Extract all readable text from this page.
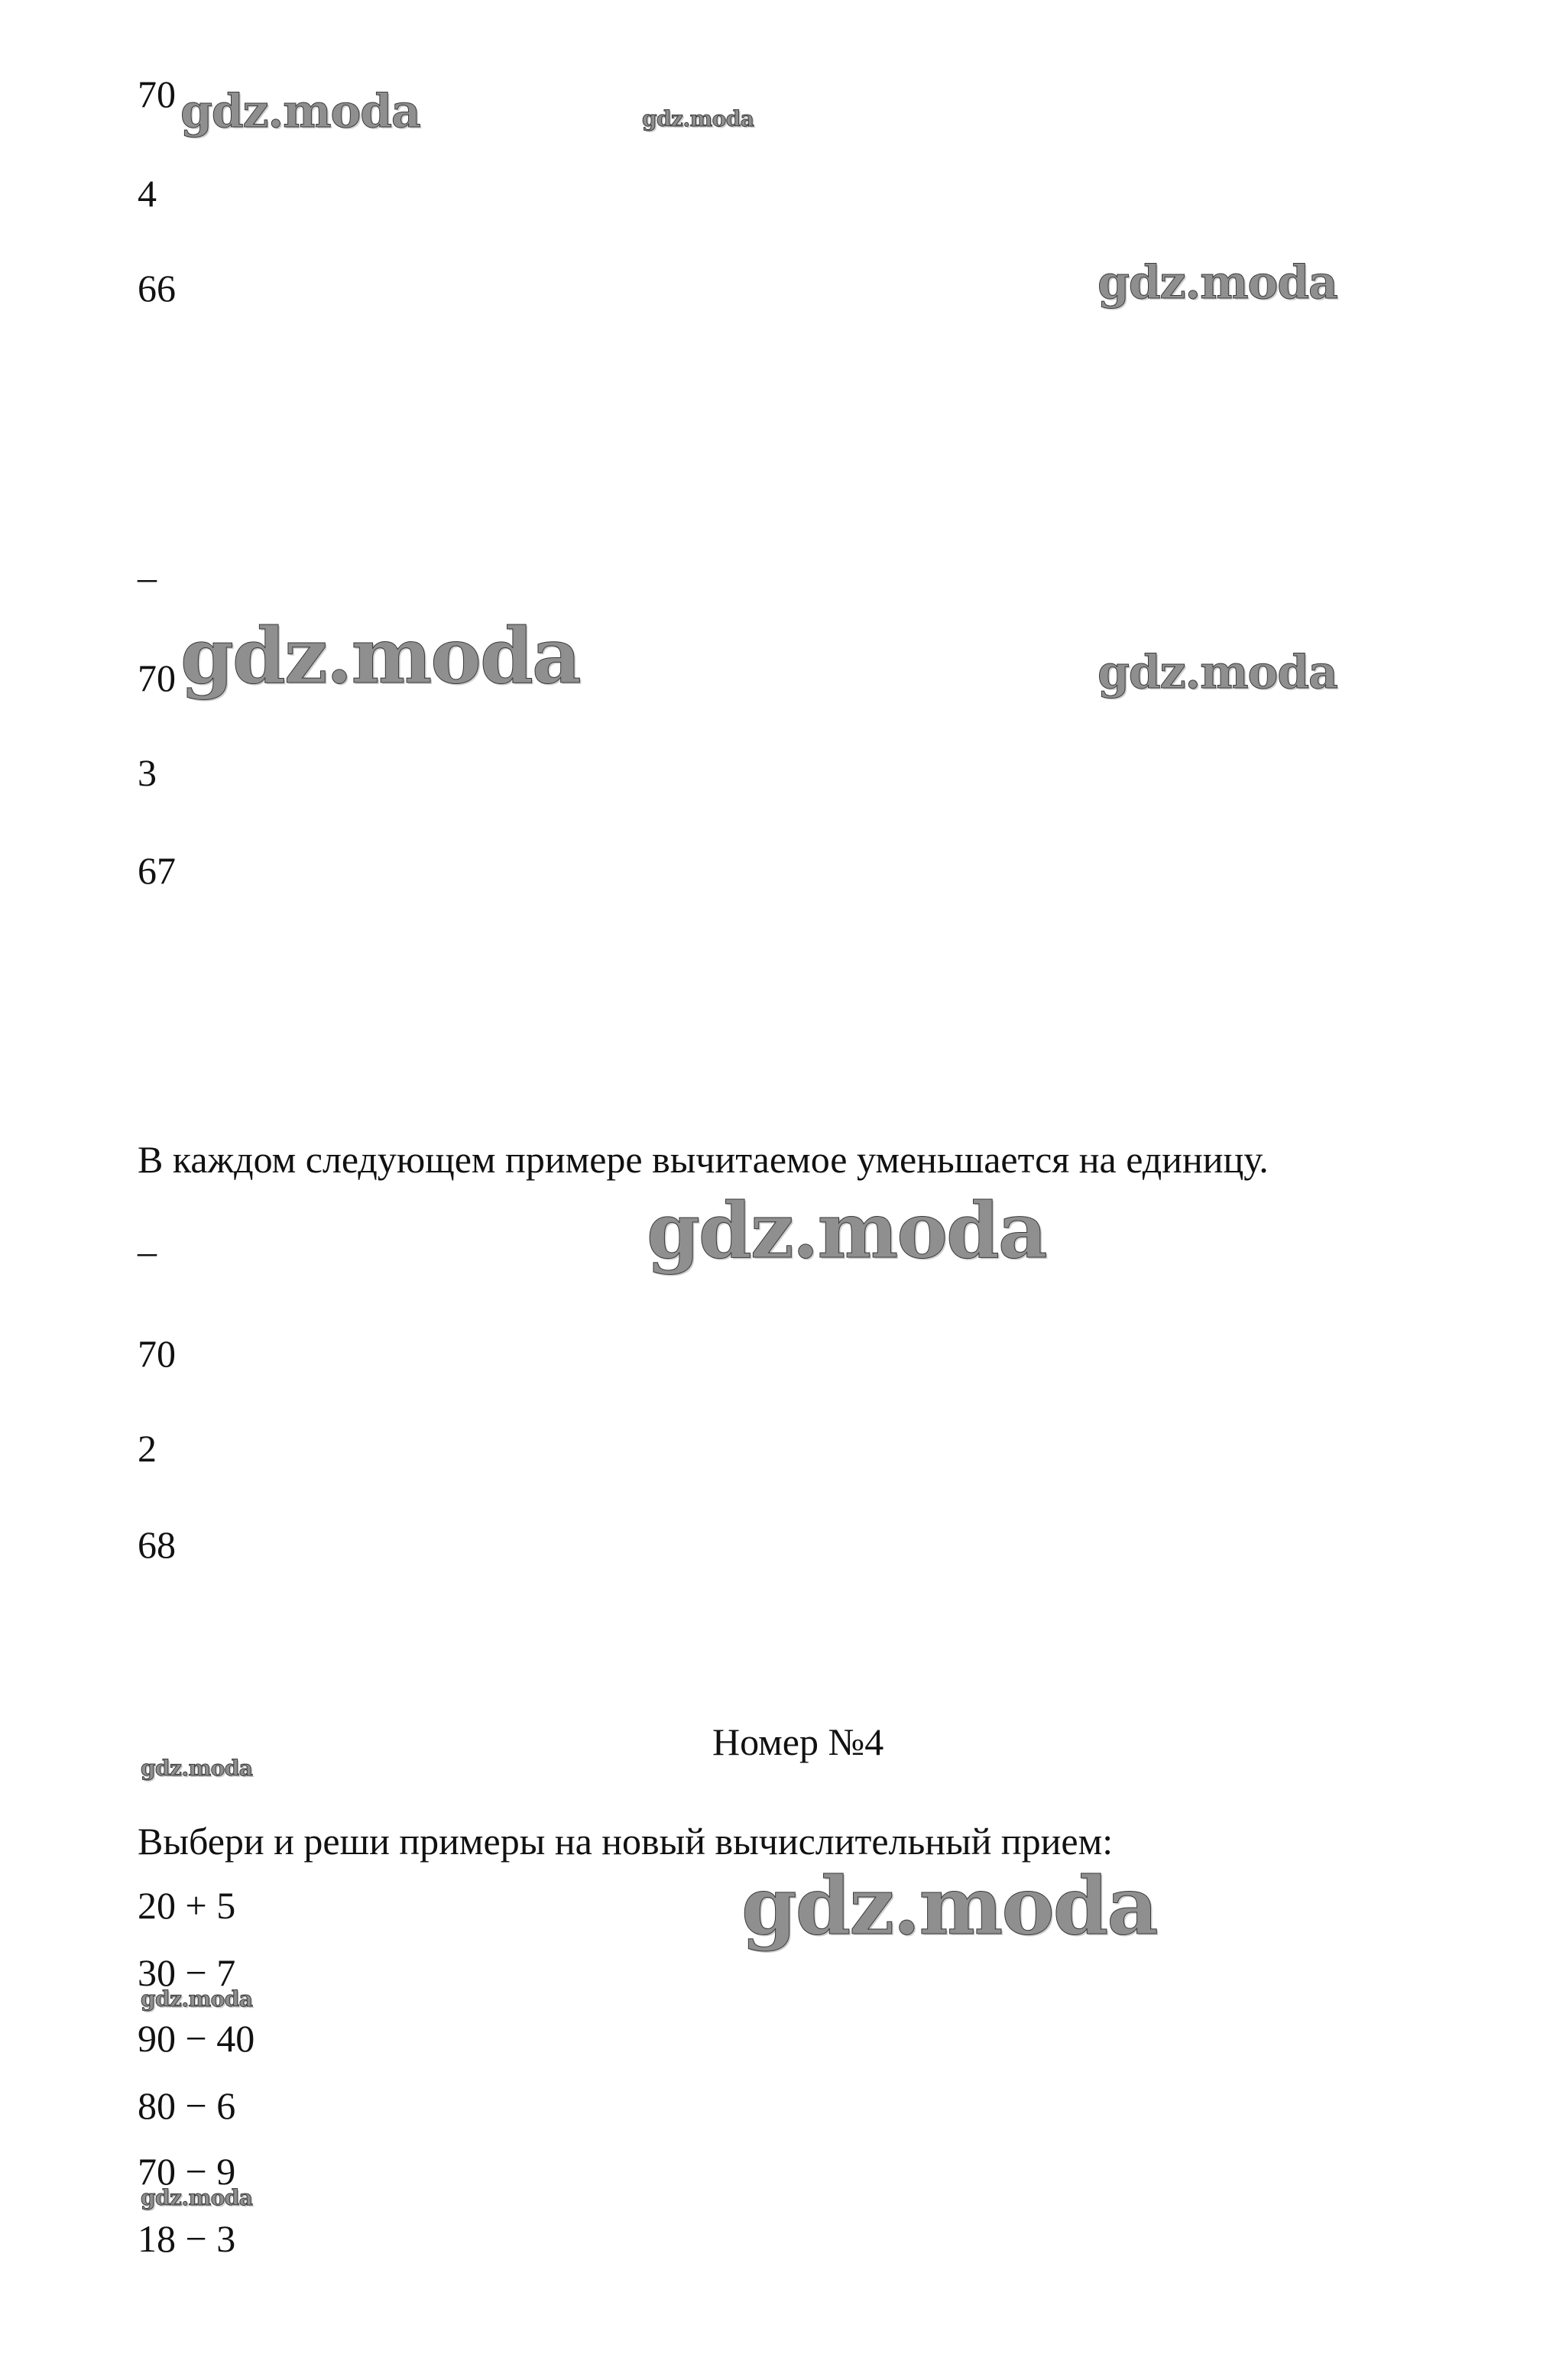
70
4
66
–
70
3
67
В каждом следующем примере вычитаемое уменьшается на единицу.
–
70
2
68
Номер №4
Выбери и реши примеры на новый вычислительный прием:
20 + 5
30 − 7
90 − 40
80 − 6
70 − 9
18 − 3
gdz.moda	gdz.moda
gdz.moda
gdz.moda	gdz.moda
gdz.moda
gdz.moda
gdz.moda
gdz.moda
gdz.moda
